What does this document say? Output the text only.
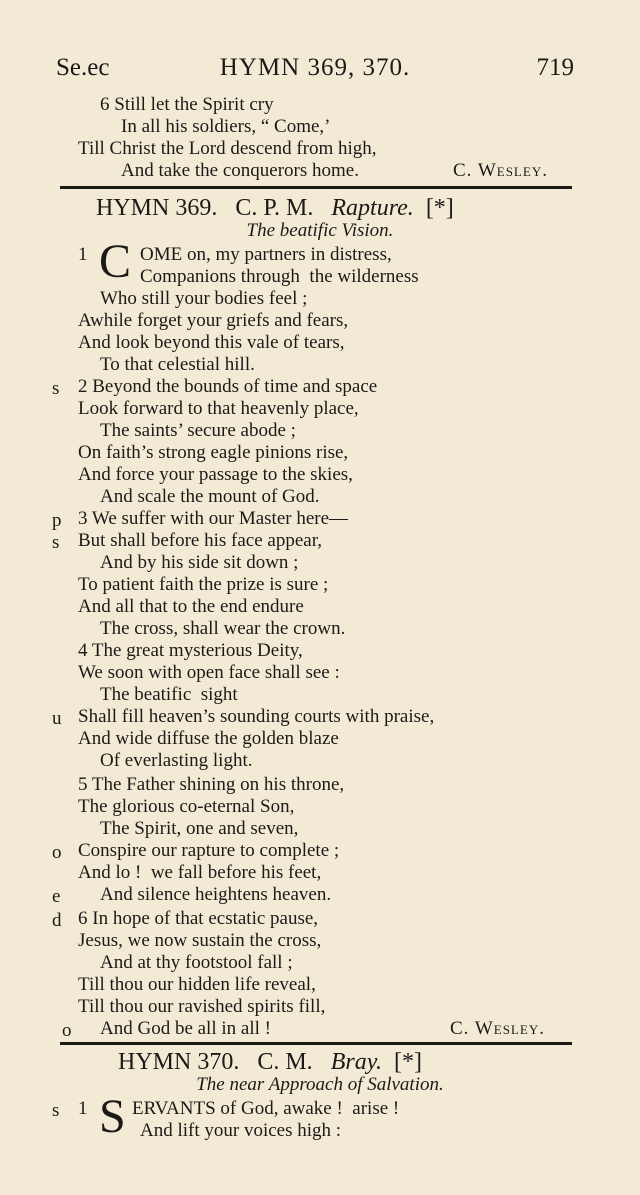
Se.ec	HYMN 369, 370.	719
6 Still let the Spirit cry
In all his soldiers, “ Come,’
Till Christ the Lord descend from high,
And take the conquerors home.	C. Wesley.
HYMN 369.   C. P. M. Rapture. [*]
The beatific Vision.
1 C OME on, my partners in distress,
Companions through  the wilderness
Who still your bodies feel ;
Awhile forget your griefs and fears,
And look beyond this vale of tears,
To that celestial hill.
s 2 Beyond the bounds of time and space
Look forward to that heavenly place,
The saints’ secure abode ;
On faith’s strong eagle pinions rise,
And force your passage to the skies,
And scale the mount of God.
p 3 We suffer with our Master here—
s But shall before his face appear,
And by his side sit down ;
To patient faith the prize is sure ;
And all that to the end endure
The cross, shall wear the crown.
4 The great mysterious Deity,
We soon with open face shall see :
The beatific  sight
u Shall fill heaven’s sounding courts with praise,
And wide diffuse the golden blaze
Of everlasting light.
5 The Father shining on his throne,
The glorious co-eternal Son,
The Spirit, one and seven,
o Conspire our rapture to complete ;
And lo !  we fall before his feet,
e And silence heightens heaven.
d 6 In hope of that ecstatic pause,
Jesus, we now sustain the cross,
And at thy footstool fall ;
Till thou our hidden life reveal,
Till thou our ravished spirits fill,
o And God be all in all !	C. Wesley.
HYMN 370.   C. M. Bray. [*]
The near Approach of Salvation.
s 1 S ERVANTS of God, awake !  arise !
And lift your voices high :
